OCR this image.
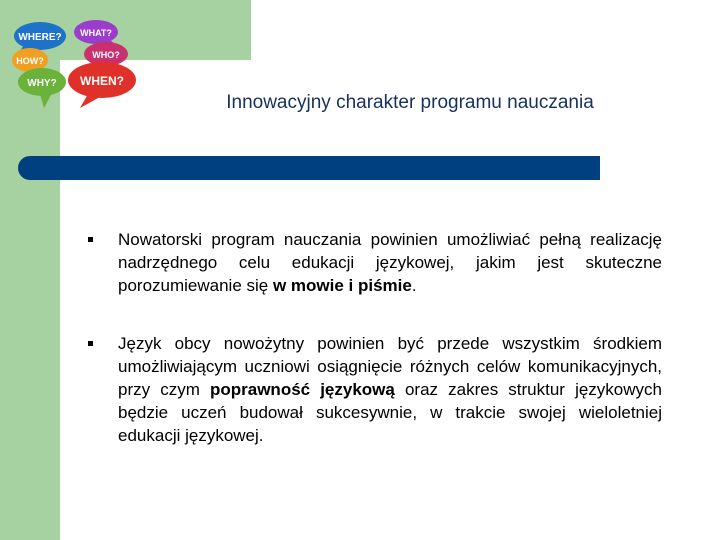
WHERE? WHAT?
HOW?
WHO?
WHY? WHEN?
Innowacyjny charakter programu nauczania
Nowatorski program nauczania powinien umożliwiać pełną realizację nadrzędnego celu edukacji językowej, jakim jest skuteczne porozumiewanie się w mowie i piśmie.
Język obcy nowożytny powinien być przede wszystkim środkiem umożliwiającym uczniowi osiągnięcie różnych celów komunikacyjnych, przy czym poprawność językową oraz zakres struktur językowych będzie uczeń budował sukcesywnie, w trakcie swojej wieloletniej edukacji językowej.
